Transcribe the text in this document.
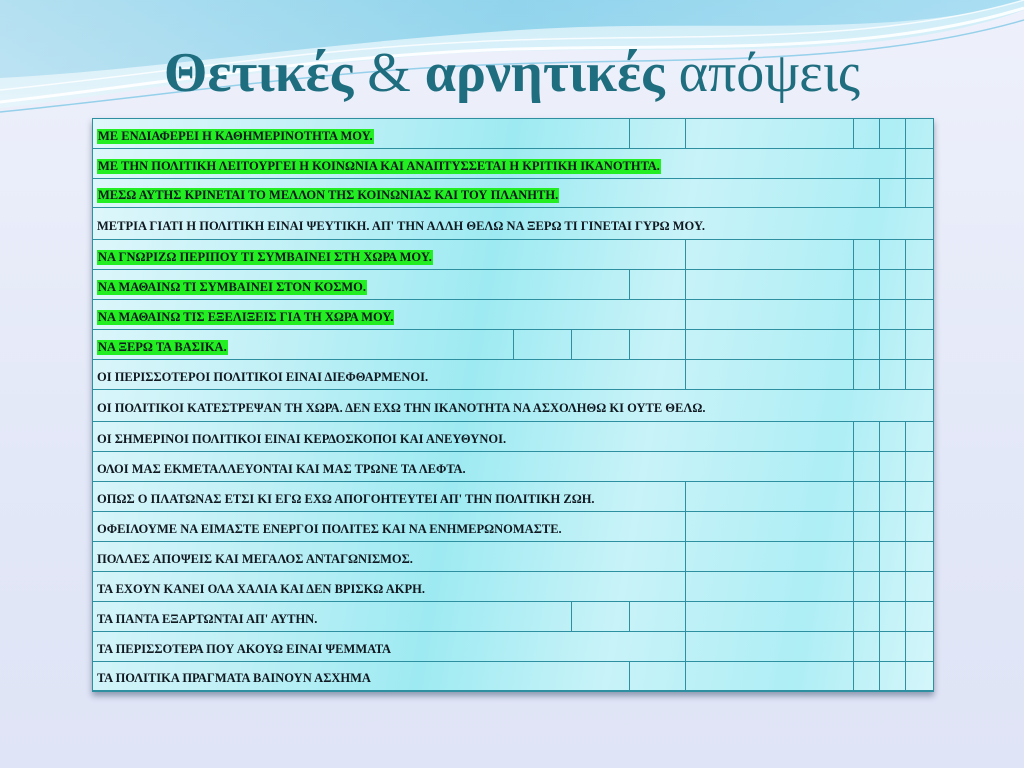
Θετικές & αρνητικές απόψεις
ΜΕ ΕΝΔΙΑΦΕΡΕΙ Η ΚΑΘΗΜΕΡΙΝΟΤΗΤΑ ΜΟΥ.
ΜΕ ΤΗΝ ΠΟΛΙΤΙΚΗ ΛΕΙΤΟΥΡΓΕΙ Η ΚΟΙΝΩΝΙΑ ΚΑΙ ΑΝΑΠΤΥΣΣΕΤΑΙ Η ΚΡΙΤΙΚΗ ΙΚΑΝΟΤΗΤΑ.
ΜΕΣΩ ΑΥΤΗΣ ΚΡΙΝΕΤΑΙ ΤΟ ΜΕΛΛΟΝ ΤΗΣ ΚΟΙΝΩΝΙΑΣ ΚΑΙ ΤΟΥ ΠΛΑΝΗΤΗ.
ΜΕΤΡΙΑ ΓΙΑΤΙ Η ΠΟΛΙΤΙΚΗ ΕΙΝΑΙ ΨΕΥΤΙΚΗ. ΑΠ' ΤΗΝ ΑΛΛΗ ΘΕΛΩ ΝΑ ΞΕΡΩ ΤΙ ΓΙΝΕΤΑΙ ΓΥΡΩ ΜΟΥ.
ΝΑ ΓΝΩΡΙΖΩ ΠΕΡΙΠΟΥ ΤΙ ΣΥΜΒΑΙΝΕΙ ΣΤΗ ΧΩΡΑ ΜΟΥ.
ΝΑ ΜΑΘΑΙΝΩ ΤΙ ΣΥΜΒΑΙΝΕΙ ΣΤΟΝ ΚΟΣΜΟ.
ΝΑ ΜΑΘΑΙΝΩ ΤΙΣ ΕΞΕΛΙΞΕΙΣ ΓΙΑ ΤΗ ΧΩΡΑ ΜΟΥ.
ΝΑ ΞΕΡΩ ΤΑ ΒΑΣΙΚΑ.
ΟΙ ΠΕΡΙΣΣΟΤΕΡΟΙ ΠΟΛΙΤΙΚΟΙ ΕΙΝΑΙ ΔΙΕΦΘΑΡΜΕΝΟΙ.
ΟΙ ΠΟΛΙΤΙΚΟΙ ΚΑΤΕΣΤΡΕΨΑΝ ΤΗ ΧΩΡΑ. ΔΕΝ ΕΧΩ ΤΗΝ ΙΚΑΝΟΤΗΤΑ ΝΑ ΑΣΧΟΛΗΘΩ ΚΙ ΟΥΤΕ ΘΕΛΩ.
ΟΙ ΣΗΜΕΡΙΝΟΙ ΠΟΛΙΤΙΚΟΙ ΕΙΝΑΙ ΚΕΡΔΟΣΚΟΠΟΙ ΚΑΙ ΑΝΕΥΘΥΝΟΙ.
ΟΛΟΙ ΜΑΣ ΕΚΜΕΤΑΛΛΕΥΟΝΤΑΙ ΚΑΙ ΜΑΣ ΤΡΩΝΕ ΤΑ ΛΕΦΤΑ.
ΟΠΩΣ Ο ΠΛΑΤΩΝΑΣ ΕΤΣΙ ΚΙ ΕΓΩ ΕΧΩ ΑΠΟΓΟΗΤΕΥΤΕΙ ΑΠ' ΤΗΝ ΠΟΛΙΤΙΚΗ ΖΩΗ.
ΟΦΕΙΛΟΥΜΕ ΝΑ ΕΙΜΑΣΤΕ ΕΝΕΡΓΟΙ ΠΟΛΙΤΕΣ ΚΑΙ ΝΑ ΕΝΗΜΕΡΩΝΟΜΑΣΤΕ.
ΠΟΛΛΕΣ ΑΠΟΨΕΙΣ ΚΑΙ ΜΕΓΑΛΟΣ ΑΝΤΑΓΩΝΙΣΜΟΣ.
ΤΑ ΕΧΟΥΝ ΚΑΝΕΙ ΟΛΑ ΧΑΛΙΑ ΚΑΙ ΔΕΝ ΒΡΙΣΚΩ ΑΚΡΗ.
ΤΑ ΠΑΝΤΑ ΕΞΑΡΤΩΝΤΑΙ ΑΠ' ΑΥΤΗΝ.
ΤΑ ΠΕΡΙΣΣΟΤΕΡΑ ΠΟΥ ΑΚΟΥΩ ΕΙΝΑΙ ΨΕΜΜΑΤΑ
ΤΑ ΠΟΛΙΤΙΚΑ ΠΡΑΓΜΑΤΑ ΒΑΙΝΟΥΝ ΑΣΧΗΜΑ
